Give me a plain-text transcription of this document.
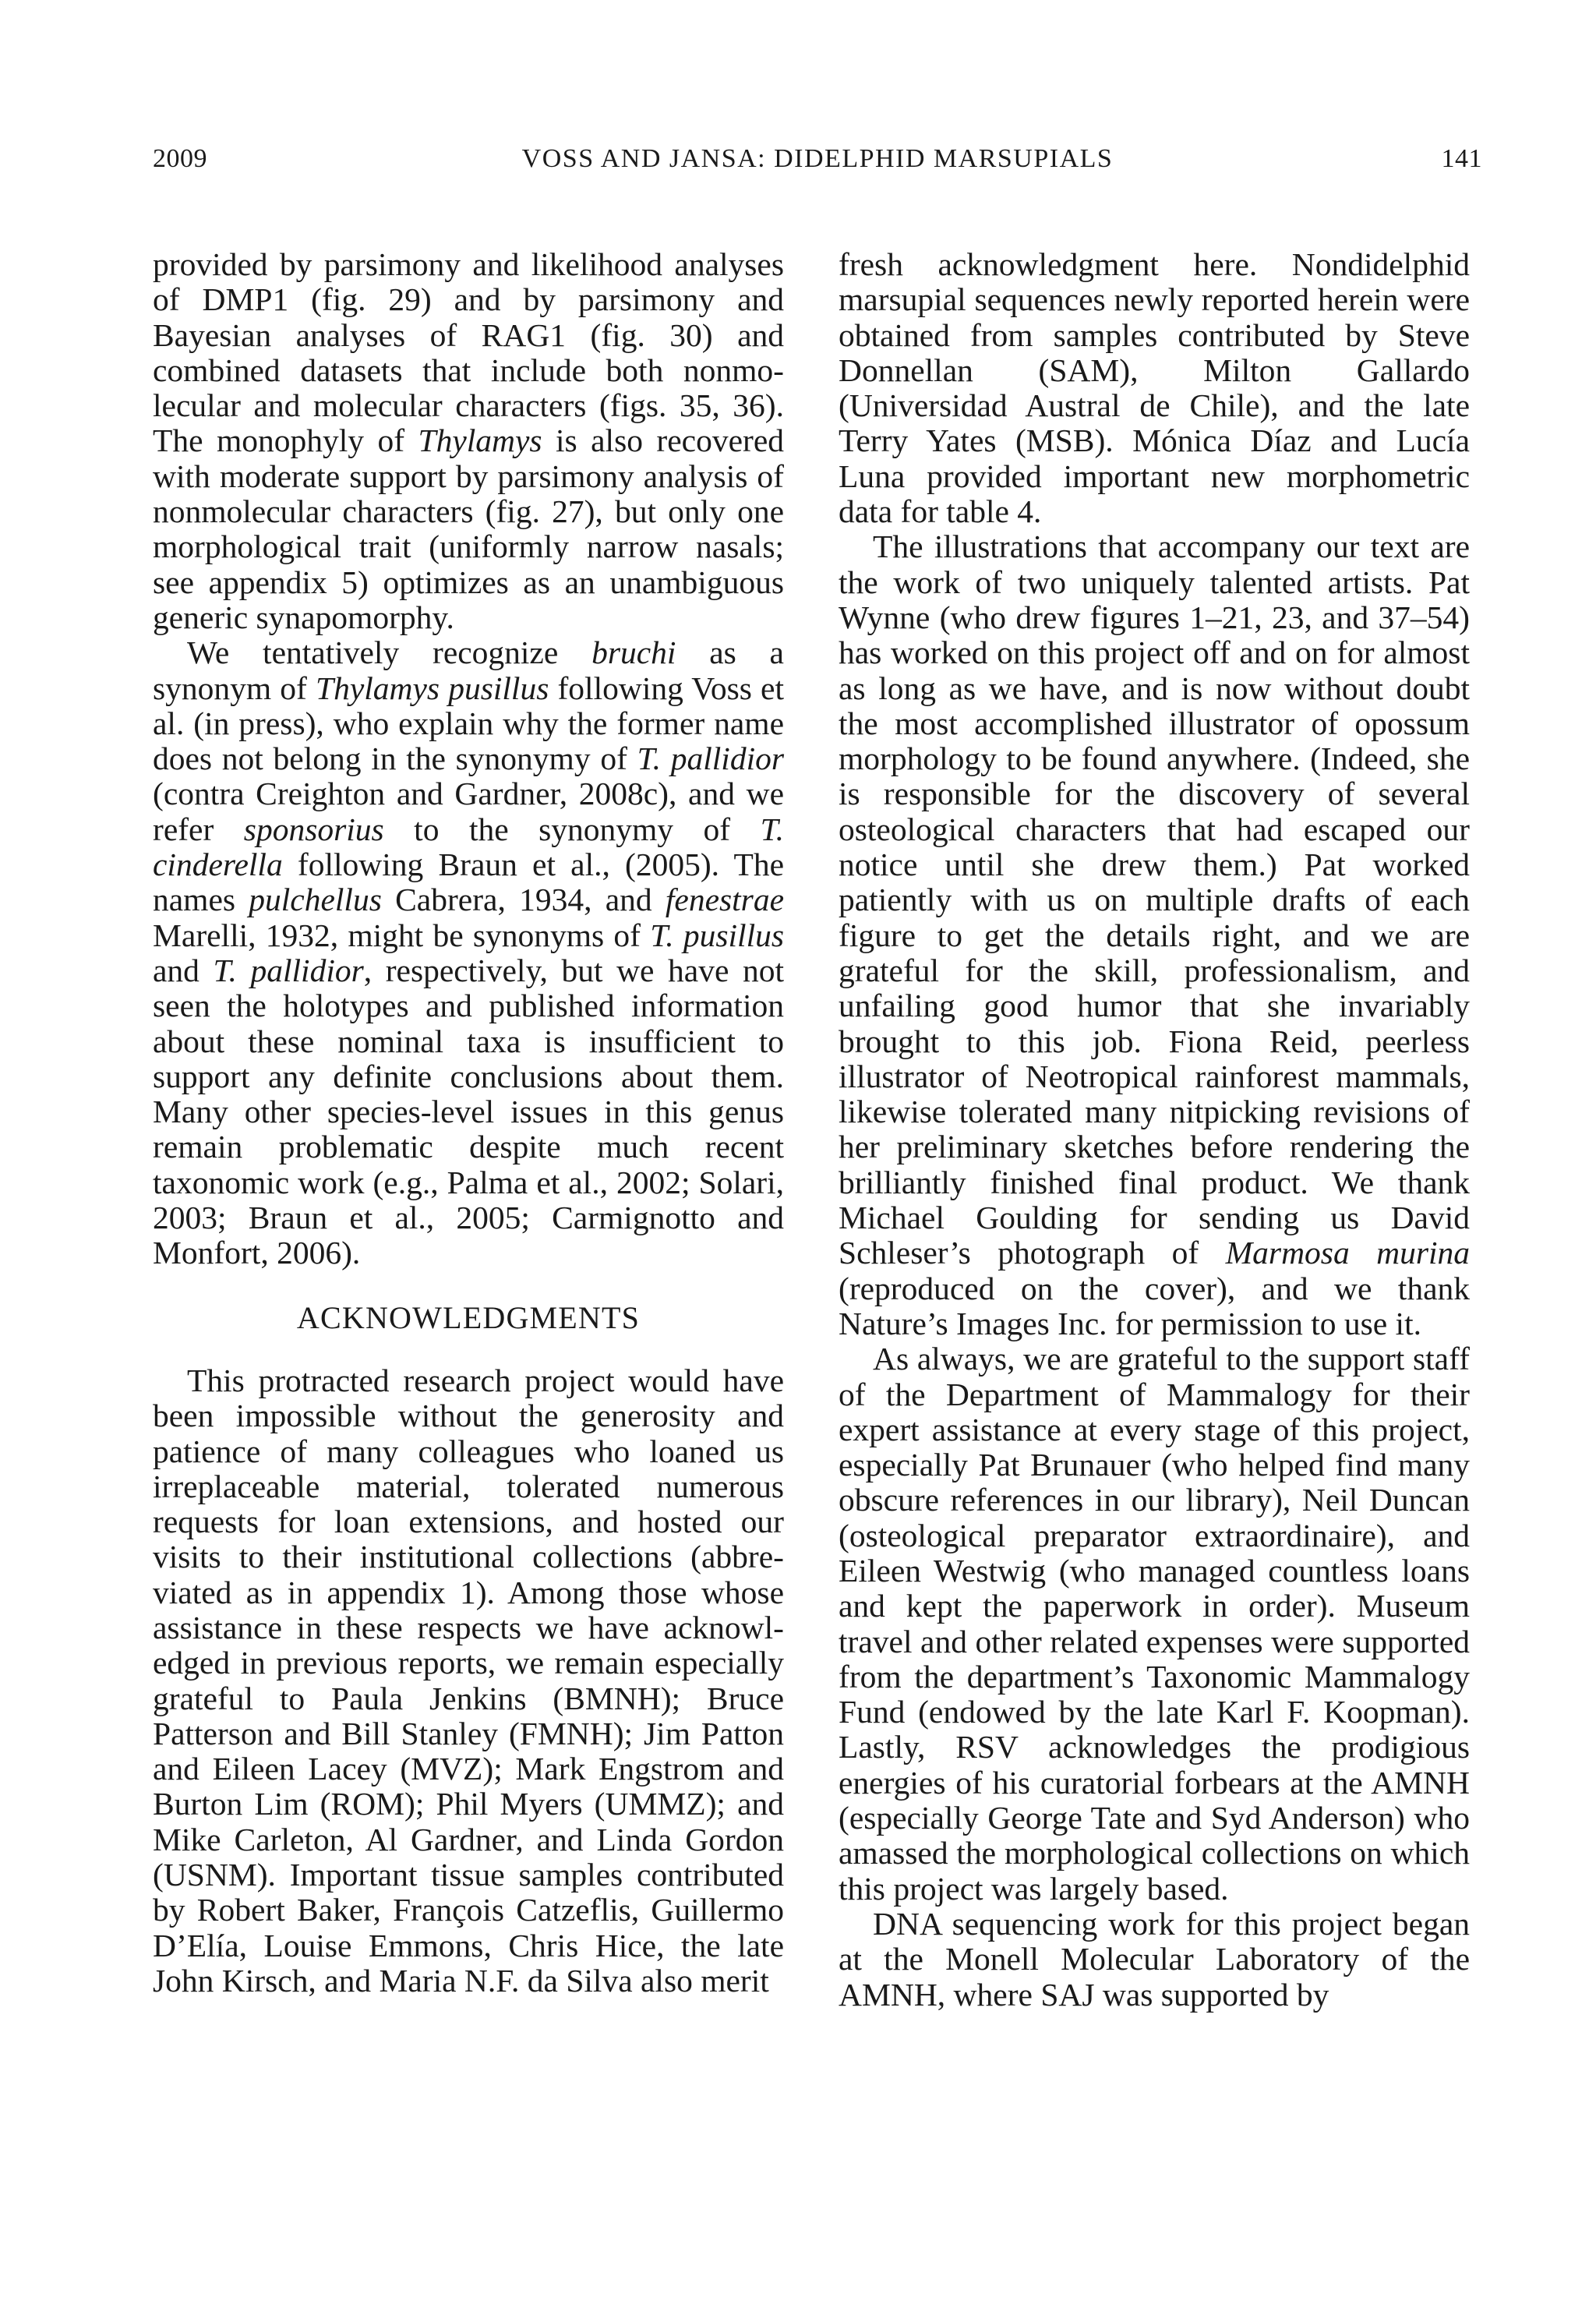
2009	VOSS AND JANSA: DIDELPHID MARSUPIALS	141

provided by parsimony and likelihood analyses of DMP1 (fig. 29) and by parsimony and Bayesian analyses of RAG1 (fig. 30) and combined datasets that include both nonmolecular and molecular characters (figs. 35, 36). The monophyly of Thylamys is also recovered with moderate support by parsimony analysis of nonmolecular characters (fig. 27), but only one morphological trait (uniformly narrow nasals; see appendix 5) optimizes as an unambiguous generic synapomorphy.

We tentatively recognize bruchi as a synonym of Thylamys pusillus following Voss et al. (in press), who explain why the former name does not belong in the synonymy of T. pallidior (contra Creighton and Gardner, 2008c), and we refer sponsorius to the synonymy of T. cinderella following Braun et al., (2005). The names pulchellus Cabrera, 1934, and fenestrae Marelli, 1932, might be synonyms of T. pusillus and T. pallidior, respectively, but we have not seen the holotypes and published information about these nominal taxa is insufficient to support any definite conclusions about them. Many other species-level issues in this genus remain problematic despite much recent taxonomic work (e.g., Palma et al., 2002; Solari, 2003; Braun et al., 2005; Carmignotto and Monfort, 2006).

ACKNOWLEDGMENTS

This protracted research project would have been impossible without the generosity and patience of many colleagues who loaned us irreplaceable material, tolerated numerous requests for loan extensions, and hosted our visits to their institutional collections (abbreviated as in appendix 1). Among those whose assistance in these respects we have acknowledged in previous reports, we remain especially grateful to Paula Jenkins (BMNH); Bruce Patterson and Bill Stanley (FMNH); Jim Patton and Eileen Lacey (MVZ); Mark Engstrom and Burton Lim (ROM); Phil Myers (UMMZ); and Mike Carleton, Al Gardner, and Linda Gordon (USNM). Important tissue samples contributed by Robert Baker, François Catzeflis, Guillermo D’Elía, Louise Emmons, Chris Hice, the late John Kirsch, and Maria N.F. da Silva also merit

fresh acknowledgment here. Nondidelphid marsupial sequences newly reported herein were obtained from samples contributed by Steve Donnellan (SAM), Milton Gallardo (Universidad Austral de Chile), and the late Terry Yates (MSB). Mónica Díaz and Lucía Luna provided important new morphometric data for table 4.

The illustrations that accompany our text are the work of two uniquely talented artists. Pat Wynne (who drew figures 1–21, 23, and 37–54) has worked on this project off and on for almost as long as we have, and is now without doubt the most accomplished illustrator of opossum morphology to be found anywhere. (Indeed, she is responsible for the discovery of several osteological characters that had escaped our notice until she drew them.) Pat worked patiently with us on multiple drafts of each figure to get the details right, and we are grateful for the skill, professionalism, and unfailing good humor that she invariably brought to this job. Fiona Reid, peerless illustrator of Neotropical rainforest mammals, likewise tolerated many nitpicking revisions of her preliminary sketches before rendering the brilliantly finished final product. We thank Michael Goulding for sending us David Schleser’s photograph of Marmosa murina (reproduced on the cover), and we thank Nature’s Images Inc. for permission to use it.

As always, we are grateful to the support staff of the Department of Mammalogy for their expert assistance at every stage of this project, especially Pat Brunauer (who helped find many obscure references in our library), Neil Duncan (osteological preparator extraordinaire), and Eileen Westwig (who managed countless loans and kept the paperwork in order). Museum travel and other related expenses were supported from the department’s Taxonomic Mammalogy Fund (endowed by the late Karl F. Koopman). Lastly, RSV acknowledges the prodigious energies of his curatorial forbears at the AMNH (especially George Tate and Syd Anderson) who amassed the morphological collections on which this project was largely based.

DNA sequencing work for this project began at the Monell Molecular Laboratory of the AMNH, where SAJ was supported by
